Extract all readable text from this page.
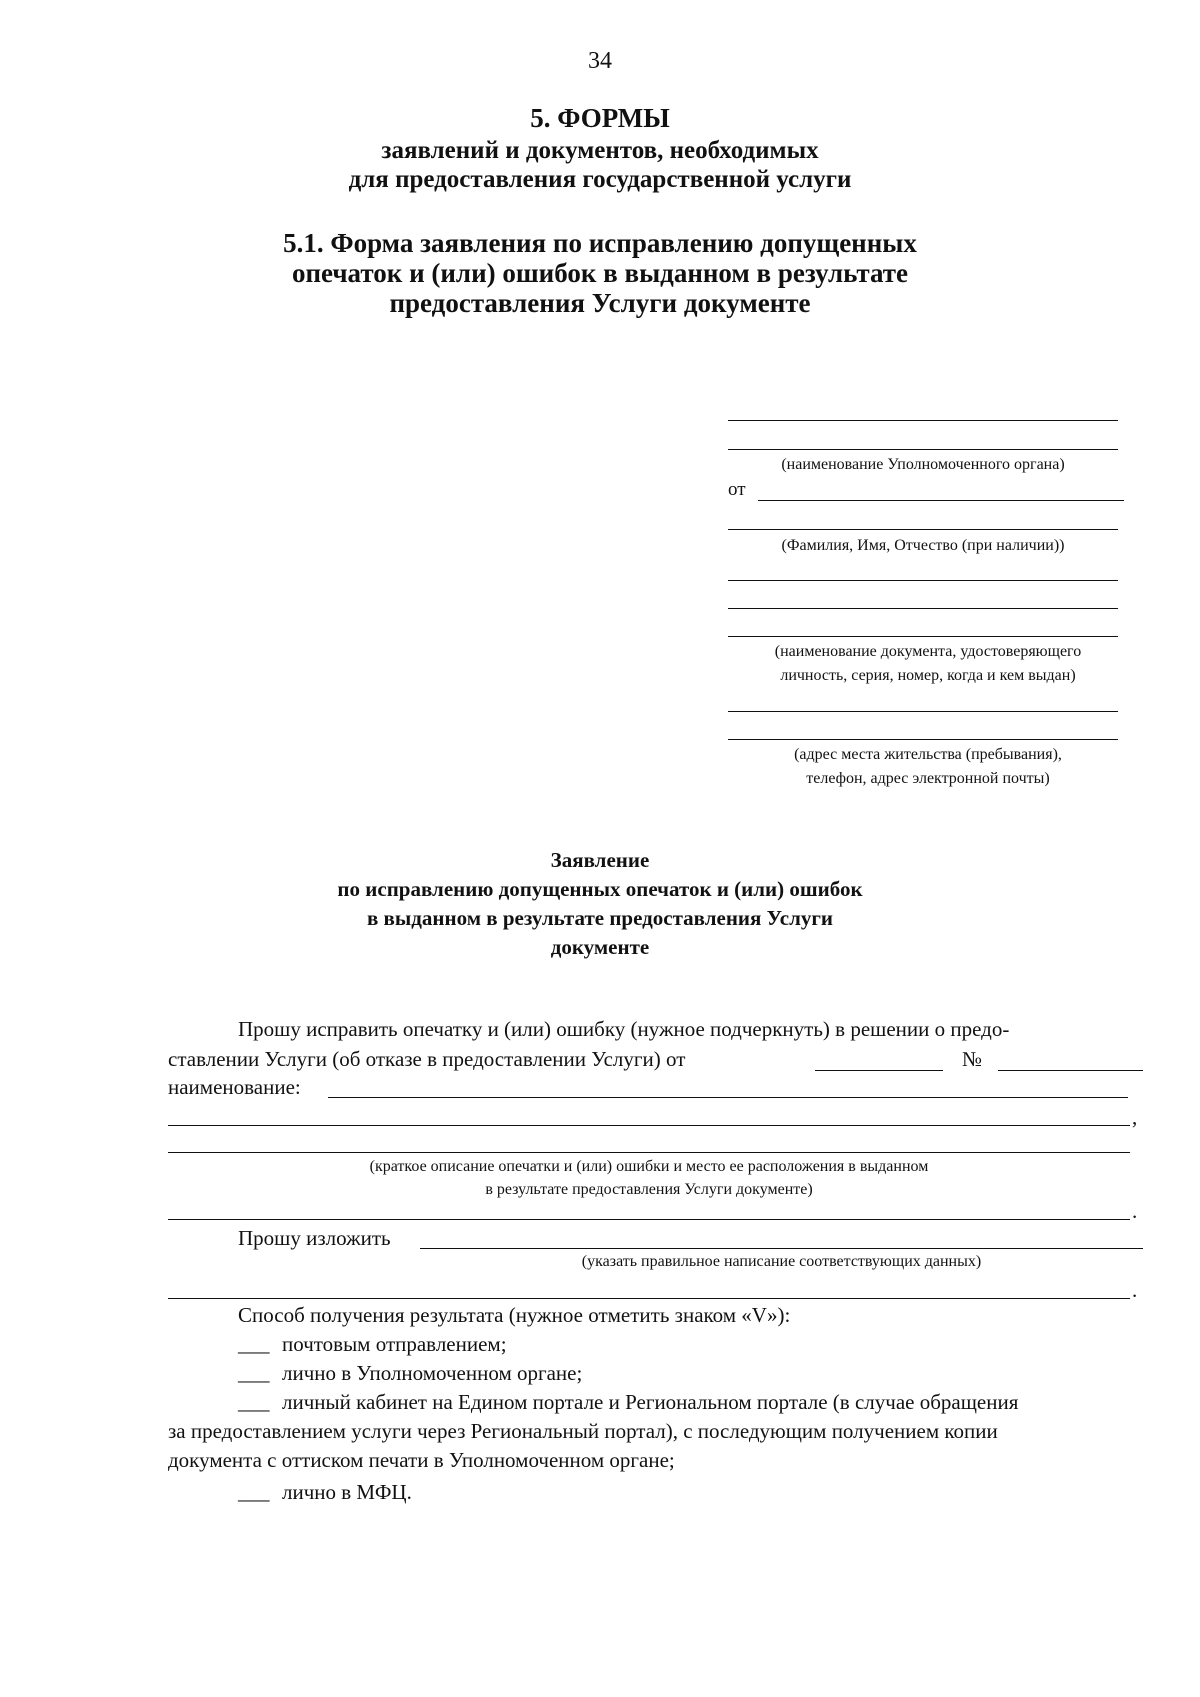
34
5. ФОРМЫ
заявлений и документов, необходимых
для предоставления государственной услуги
5.1. Форма заявления по исправлению допущенных
опечаток и (или) ошибок в выданном в результате
предоставления Услуги документе
(наименование Уполномоченного органа)
от
(Фамилия, Имя, Отчество (при наличии))
(наименование документа, удостоверяющего
личность, серия, номер, когда и кем выдан)
(адрес места жительства (пребывания),
телефон, адрес электронной почты)
Заявление
по исправлению допущенных опечаток и (или) ошибок
в выданном в результате предоставления Услуги
документе
Прошу исправить опечатку и (или) ошибку (нужное подчеркнуть) в решении о предо-
ставлении Услуги (об отказе в предоставлении Услуги) от	№
наименование:
,
(краткое описание опечатки и (или) ошибки и место ее расположения в выданном
в результате предоставления Услуги документе)
.
Прошу изложить
(указать правильное написание соответствующих данных)
.
Способ получения результата (нужное отметить знаком «V»):
___ почтовым отправлением;
___ лично в Уполномоченном органе;
___ личный кабинет на Едином портале и Региональном портале (в случае обращения
за предоставлением услуги через Региональный портал), с последующим получением копии
документа с оттиском печати в Уполномоченном органе;
___ лично в МФЦ.
